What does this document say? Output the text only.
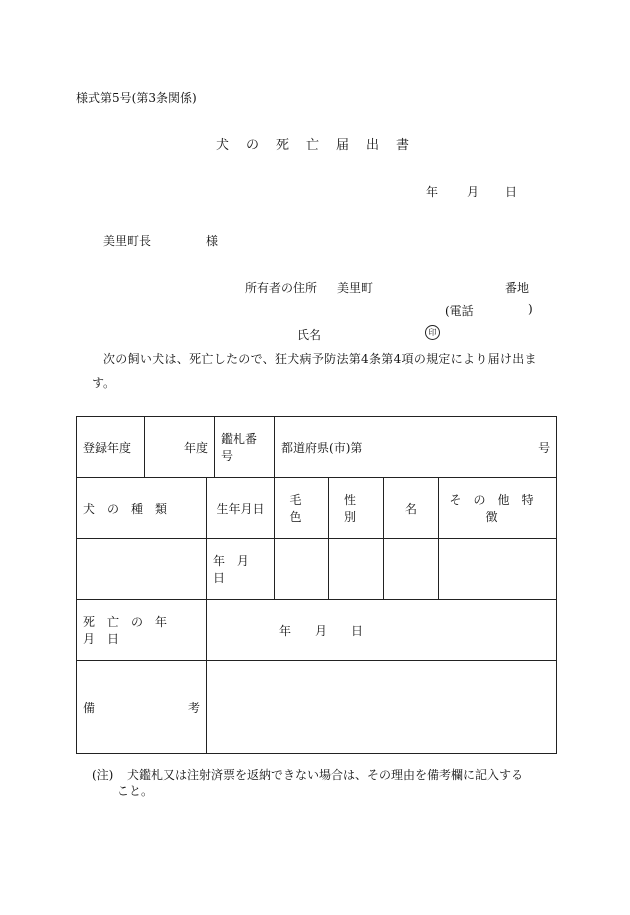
様式第5号(第3条関係)
犬の死亡届出書
年 月 日
美里町長	様
所有者の住所 美里町	番地
(電話	)
氏名	印
次の飼い犬は、死亡したので、狂犬病予防法第4条第4項の規定により届け出ま
す。
登録年度	年度		鑑札番号	都道府県(市)第 号			

犬の種類		生年月日		毛色	性別	名	その他特徴
		年 月 日					
死亡の年月日		年　　月　　日					

備 考							

(注) 犬鑑札又は注射済票を返納できない場合は、その理由を備考欄に記入する
こと。
